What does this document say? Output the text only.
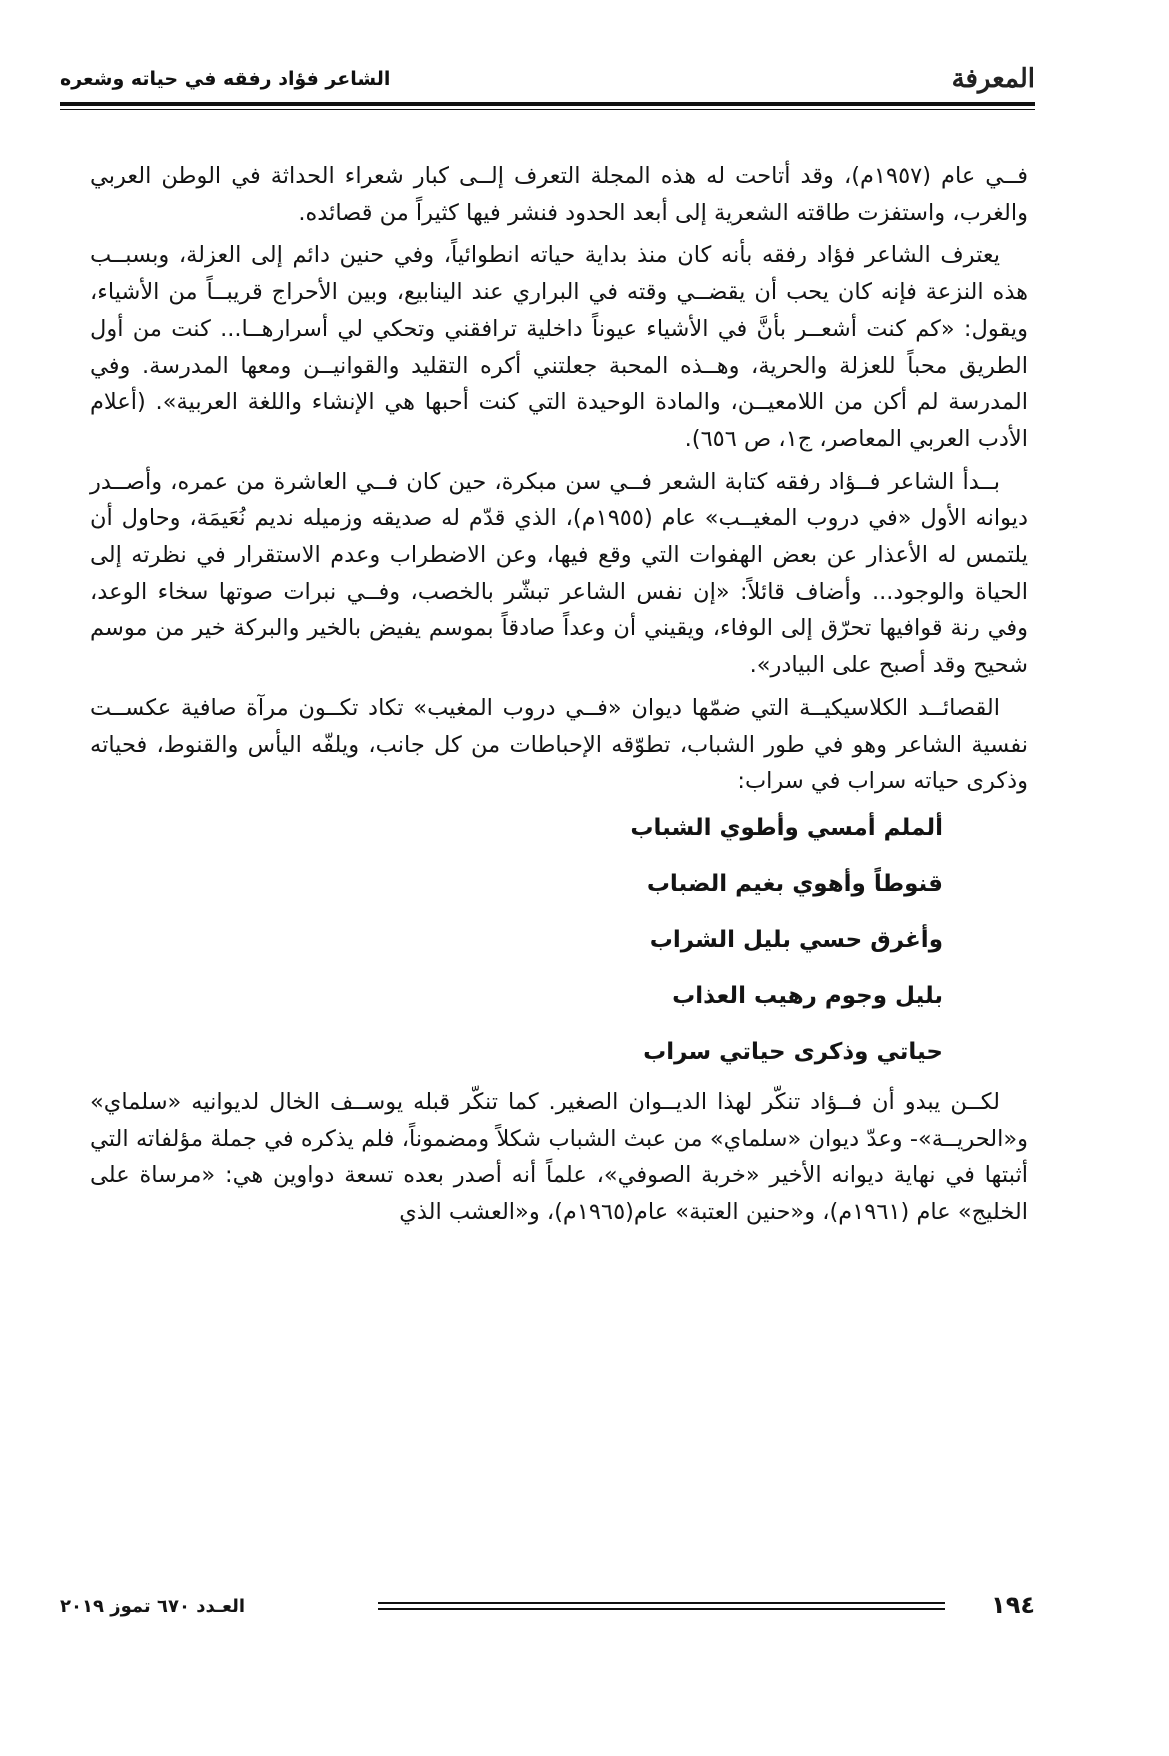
المعرفة
الشاعر فؤاد رفقه في حياته وشعره

فــي عام (١٩٥٧م)، وقد أتاحت له هذه المجلة التعرف إلــى كبار شعراء الحداثة في الوطن العربي والغرب، واستفزت طاقته الشعرية إلى أبعد الحدود فنشر فيها كثيراً من قصائده.

يعترف الشاعر فؤاد رفقه بأنه كان منذ بداية حياته انطوائياً، وفي حنين دائم إلى العزلة، وبسبــب هذه النزعة فإنه كان يحب أن يقضــي وقته في البراري عند الينابيع، وبين الأحراج قريبــاً من الأشياء، ويقول: «كم كنت أشعــر بأنَّ في الأشياء عيوناً داخلية ترافقني وتحكي لي أسرارهــا... كنت من أول الطريق محباً للعزلة والحرية، وهــذه المحبة جعلتني أكره التقليد والقوانيــن ومعها المدرسة. وفي المدرسة لم أكن من اللامعيــن، والمادة الوحيدة التي كنت أحبها هي الإنشاء واللغة العربية». (أعلام الأدب العربي المعاصر، ج١، ص ٦٥٦).

بــدأ الشاعر فــؤاد رفقه كتابة الشعر فــي سن مبكرة، حين كان فــي العاشرة من عمره، وأصــدر ديوانه الأول «في دروب المغيــب» عام (١٩٥٥م)، الذي قدّم له صديقه وزميله نديم نُعَيمَة، وحاول أن يلتمس له الأعذار عن بعض الهفوات التي وقع فيها، وعن الاضطراب وعدم الاستقرار في نظرته إلى الحياة والوجود... وأضاف قائلاً: «إن نفس الشاعر تبشّر بالخصب، وفــي نبرات صوتها سخاء الوعد، وفي رنة قوافيها تحرّق إلى الوفاء، ويقيني أن وعداً صادقاً بموسم يفيض بالخير والبركة خير من موسم شحيح وقد أصبح على البيادر».

القصائــد الكلاسيكيــة التي ضمّها ديوان «فــي دروب المغيب» تكاد تكــون مرآة صافية عكســت نفسية الشاعر وهو في طور الشباب، تطوّقه الإحباطات من كل جانب، ويلفّه اليأس والقنوط، فحياته وذكرى حياته سراب في سراب:

ألملم أمسي وأطوي الشباب
قنوطاً وأهوي بغيم الضباب
وأغرق حسي بليل الشراب
بليل وجوم رهيب العذاب
حياتي وذكرى حياتي سراب

لكــن يبدو أن فــؤاد تنكّر لهذا الديــوان الصغير. كما تنكّر قبله يوســف الخال لديوانيه «سلماي» و«الحريــة»- وعدّ ديوان «سلماي» من عبث الشباب شكلاً ومضموناً، فلم يذكره في جملة مؤلفاته التي أثبتها في نهاية ديوانه الأخير «خربة الصوفي»، علماً أنه أصدر بعده تسعة دواوين هي: «مرساة على الخليج» عام (١٩٦١م)، و«حنين العتبة» عام(١٩٦٥م)، و«العشب الذي

١٩٤
العـدد ٦٧٠ تموز ٢٠١٩
